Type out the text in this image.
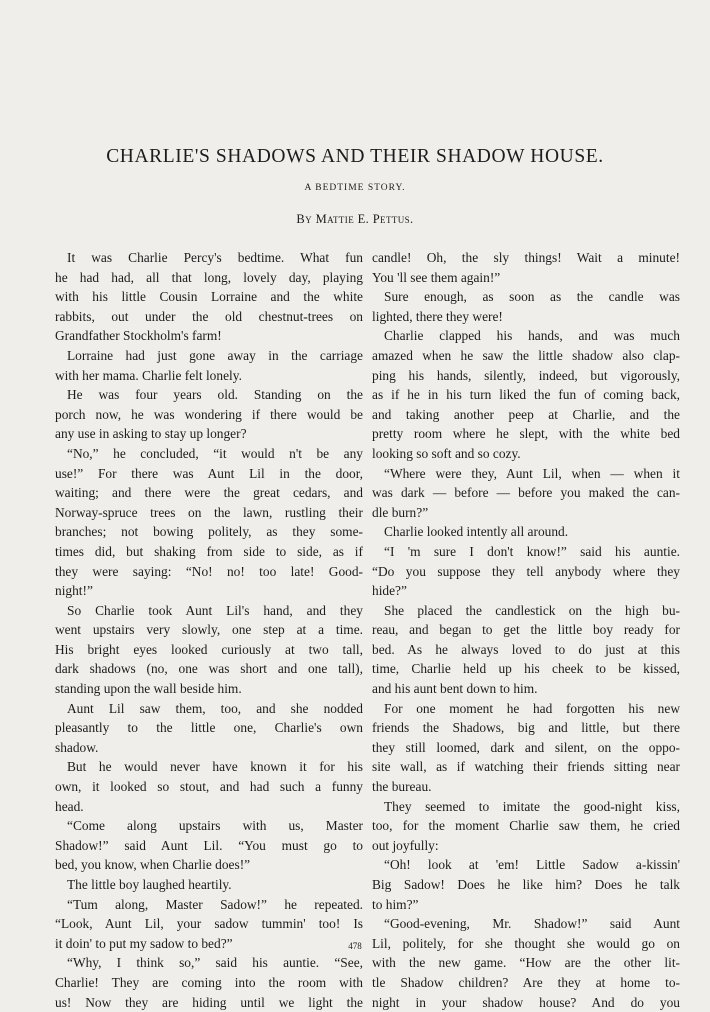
CHARLIE'S SHADOWS AND THEIR SHADOW HOUSE.
A BEDTIME STORY.
By Mattie E. Pettus.
It was Charlie Percy's bedtime. What fun
he had had, all that long, lovely day, playing
with his little Cousin Lorraine and the white
rabbits, out under the old chestnut-trees on
Grandfather Stockholm's farm!
Lorraine had just gone away in the carriage
with her mama. Charlie felt lonely.
He was four years old. Standing on the
porch now, he was wondering if there would be
any use in asking to stay up longer?
“No,” he concluded, “it would n't be any
use!” For there was Aunt Lil in the door,
waiting; and there were the great cedars, and
Norway-spruce trees on the lawn, rustling their
branches; not bowing politely, as they some-
times did, but shaking from side to side, as if
they were saying: “No! no! too late! Good-
night!”
So Charlie took Aunt Lil's hand, and they
went upstairs very slowly, one step at a time.
His bright eyes looked curiously at two tall,
dark shadows (no, one was short and one tall),
standing upon the wall beside him.
Aunt Lil saw them, too, and she nodded
pleasantly to the little one, Charlie's own
shadow.
But he would never have known it for his
own, it looked so stout, and had such a funny
head.
“Come along upstairs with us, Master
Shadow!” said Aunt Lil. “You must go to
bed, you know, when Charlie does!”
The little boy laughed heartily.
“Tum along, Master Sadow!” he repeated.
“Look, Aunt Lil, your sadow tummin' too! Is
it doin' to put my sadow to bed?”
“Why, I think so,” said his auntie. “See,
Charlie! They are coming into the room with
us! Now they are hiding until we light the
candle! Oh, the sly things! Wait a minute!
You 'll see them again!”
Sure enough, as soon as the candle was
lighted, there they were!
Charlie clapped his hands, and was much
amazed when he saw the little shadow also clap-
ping his hands, silently, indeed, but vigorously,
as if he in his turn liked the fun of coming back,
and taking another peep at Charlie, and the
pretty room where he slept, with the white bed
looking so soft and so cozy.
“Where were they, Aunt Lil, when — when it
was dark — before — before you maked the can-
dle burn?”
Charlie looked intently all around.
“I 'm sure I don't know!” said his auntie.
“Do you suppose they tell anybody where they
hide?”
She placed the candlestick on the high bu-
reau, and began to get the little boy ready for
bed. As he always loved to do just at this
time, Charlie held up his cheek to be kissed,
and his aunt bent down to him.
For one moment he had forgotten his new
friends the Shadows, big and little, but there
they still loomed, dark and silent, on the oppo-
site wall, as if watching their friends sitting near
the bureau.
They seemed to imitate the good-night kiss,
too, for the moment Charlie saw them, he cried
out joyfully:
“Oh! look at 'em! Little Sadow a-kissin'
Big Sadow! Does he like him? Does he talk
to him?”
“Good-evening, Mr. Shadow!” said Aunt
Lil, politely, for she thought she would go on
with the new game. “How are the other lit-
tle Shadow children? Are they at home to-
night in your shadow house? And do you
478
